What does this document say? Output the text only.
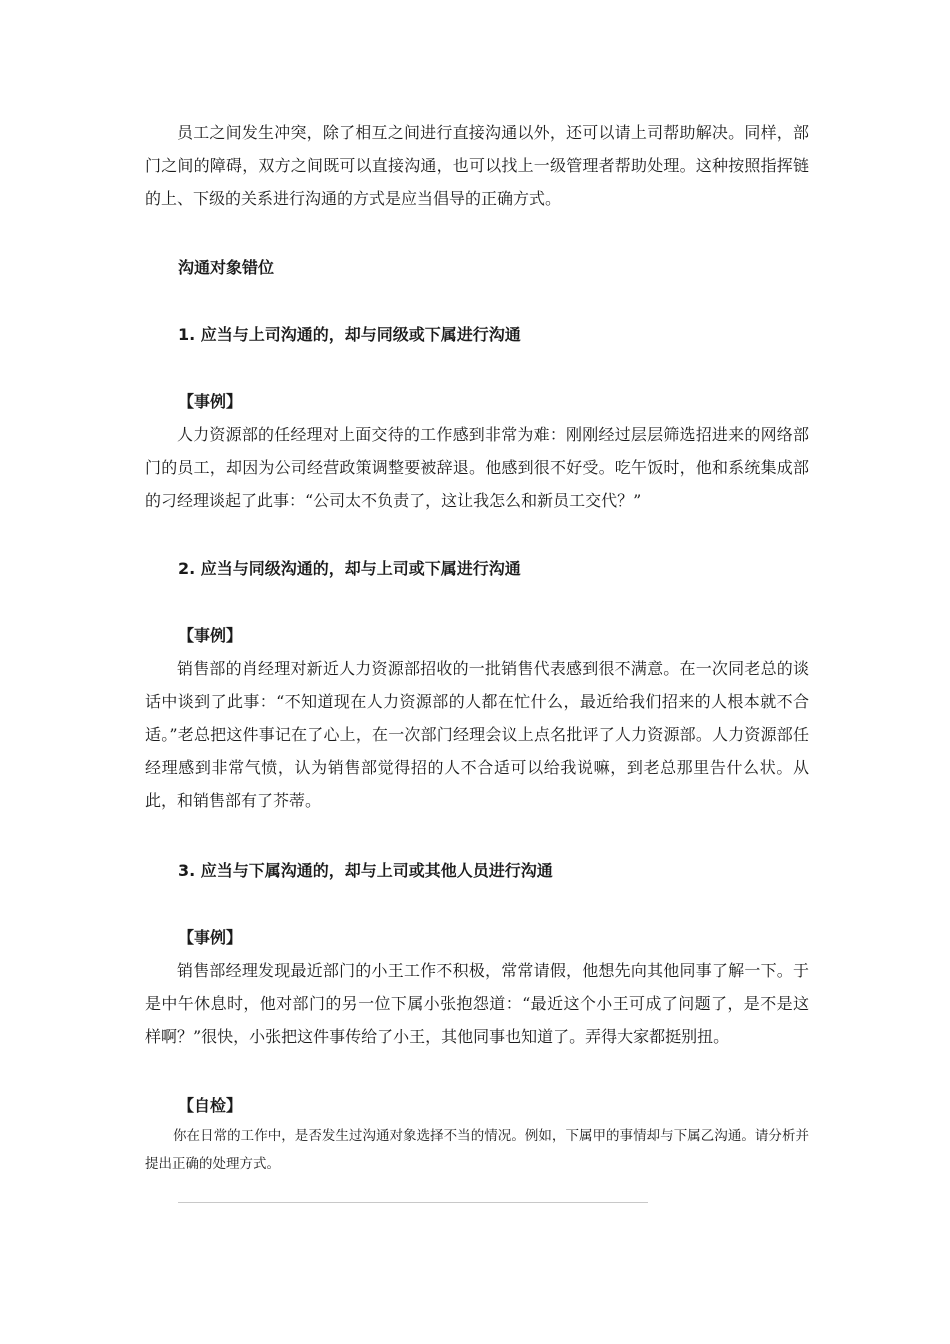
员工之间发生冲突，除了相互之间进行直接沟通以外，还可以请上司帮助解决。同样，部门之间的障碍，双方之间既可以直接沟通，也可以找上一级管理者帮助处理。这种按照指挥链的上、下级的关系进行沟通的方式是应当倡导的正确方式。

沟通对象错位
1. 应当与上司沟通的，却与同级或下属进行沟通
【事例】

人力资源部的任经理对上面交待的工作感到非常为难：刚刚经过层层筛选招进来的网络部门的员工，却因为公司经营政策调整要被辞退。他感到很不好受。吃午饭时，他和系统集成部的刁经理谈起了此事：“公司太不负责了，这让我怎么和新员工交代？”

2. 应当与同级沟通的，却与上司或下属进行沟通
【事例】

销售部的肖经理对新近人力资源部招收的一批销售代表感到很不满意。在一次同老总的谈话中谈到了此事：“不知道现在人力资源部的人都在忙什么，最近给我们招来的人根本就不合适。”老总把这件事记在了心上，在一次部门经理会议上点名批评了人力资源部。人力资源部任经理感到非常气愤，认为销售部觉得招的人不合适可以给我说嘛，到老总那里告什么状。从此，和销售部有了芥蒂。

3. 应当与下属沟通的，却与上司或其他人员进行沟通
【事例】

销售部经理发现最近部门的小王工作不积极，常常请假，他想先向其他同事了解一下。于是中午休息时，他对部门的另一位下属小张抱怨道：“最近这个小王可成了问题了，是不是这样啊？”很快，小张把这件事传给了小王，其他同事也知道了。弄得大家都挺别扭。

【自检】

你在日常的工作中，是否发生过沟通对象选择不当的情况。例如，下属甲的事情却与下属乙沟通。请分析并提出正确的处理方式。
